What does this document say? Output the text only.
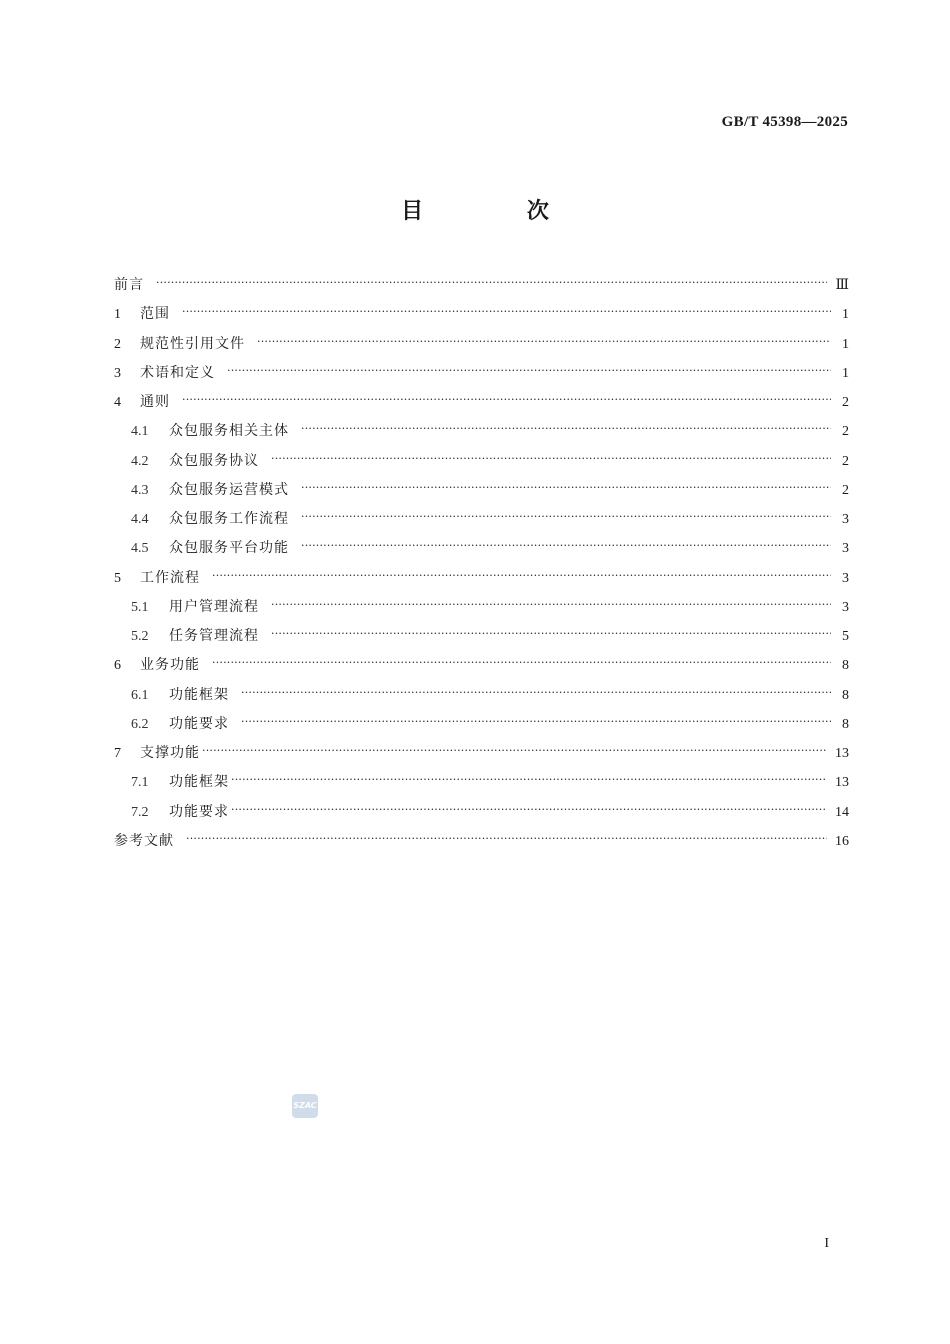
GB/T 45398—2025
目 次
前言 ·····	Ⅲ
1	范围 ·····	1
2	规范性引用文件 ·····	1
3	术语和定义 ·····	1
4	通则 ·····	2
4.1	众包服务相关主体 ·····	2
4.2	众包服务协议 ·····	2
4.3	众包服务运营模式 ·····	2
4.4	众包服务工作流程 ·····	3
4.5	众包服务平台功能 ·····	3
5	工作流程 ·····	3
5.1	用户管理流程 ·····	3
5.2	任务管理流程 ·····	5
6	业务功能 ·····	8
6.1	功能框架 ·····	8
6.2	功能要求 ·····	8
7	支撑功能 ·····	13
7.1	功能框架 ·····	13
7.2	功能要求 ·····	14
参考文献 ·····	16
SZAC
I
